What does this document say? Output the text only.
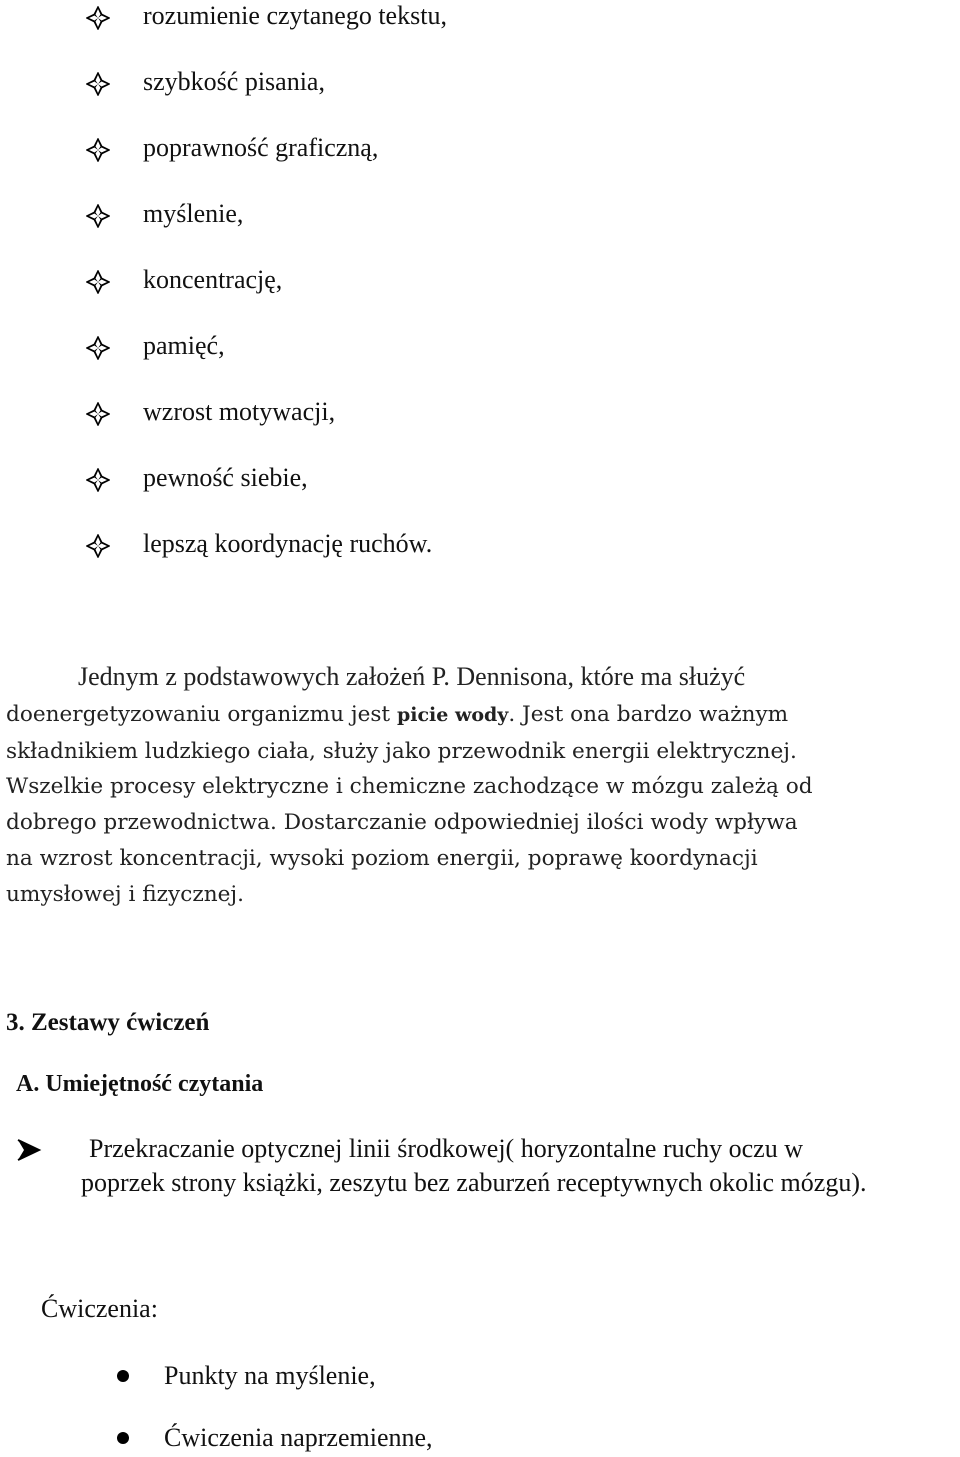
rozumienie czytanego tekstu,
szybkość pisania,
poprawność graficzną,
myślenie,
koncentrację,
pamięć,
wzrost motywacji,
pewność siebie,
lepszą koordynację ruchów.
Jednym z podstawowych założeń P. Dennisona, które ma służyć
doenergetyzowaniu organizmu jest picie wody. Jest ona bardzo ważnym
składnikiem ludzkiego ciała, służy jako przewodnik energii elektrycznej.
Wszelkie procesy elektryczne i chemiczne zachodzące w mózgu zależą od
dobrego przewodnictwa. Dostarczanie odpowiedniej ilości wody wpływa
na wzrost koncentracji, wysoki poziom energii, poprawę koordynacji
umysłowej i fizycznej.
3. Zestawy ćwiczeń
A. Umiejętność czytania
Przekraczanie optycznej linii środkowej( horyzontalne ruchy oczu w
poprzek strony książki, zeszytu bez zaburzeń receptywnych okolic mózgu).
Ćwiczenia:
Punkty na myślenie,
Ćwiczenia naprzemienne,
